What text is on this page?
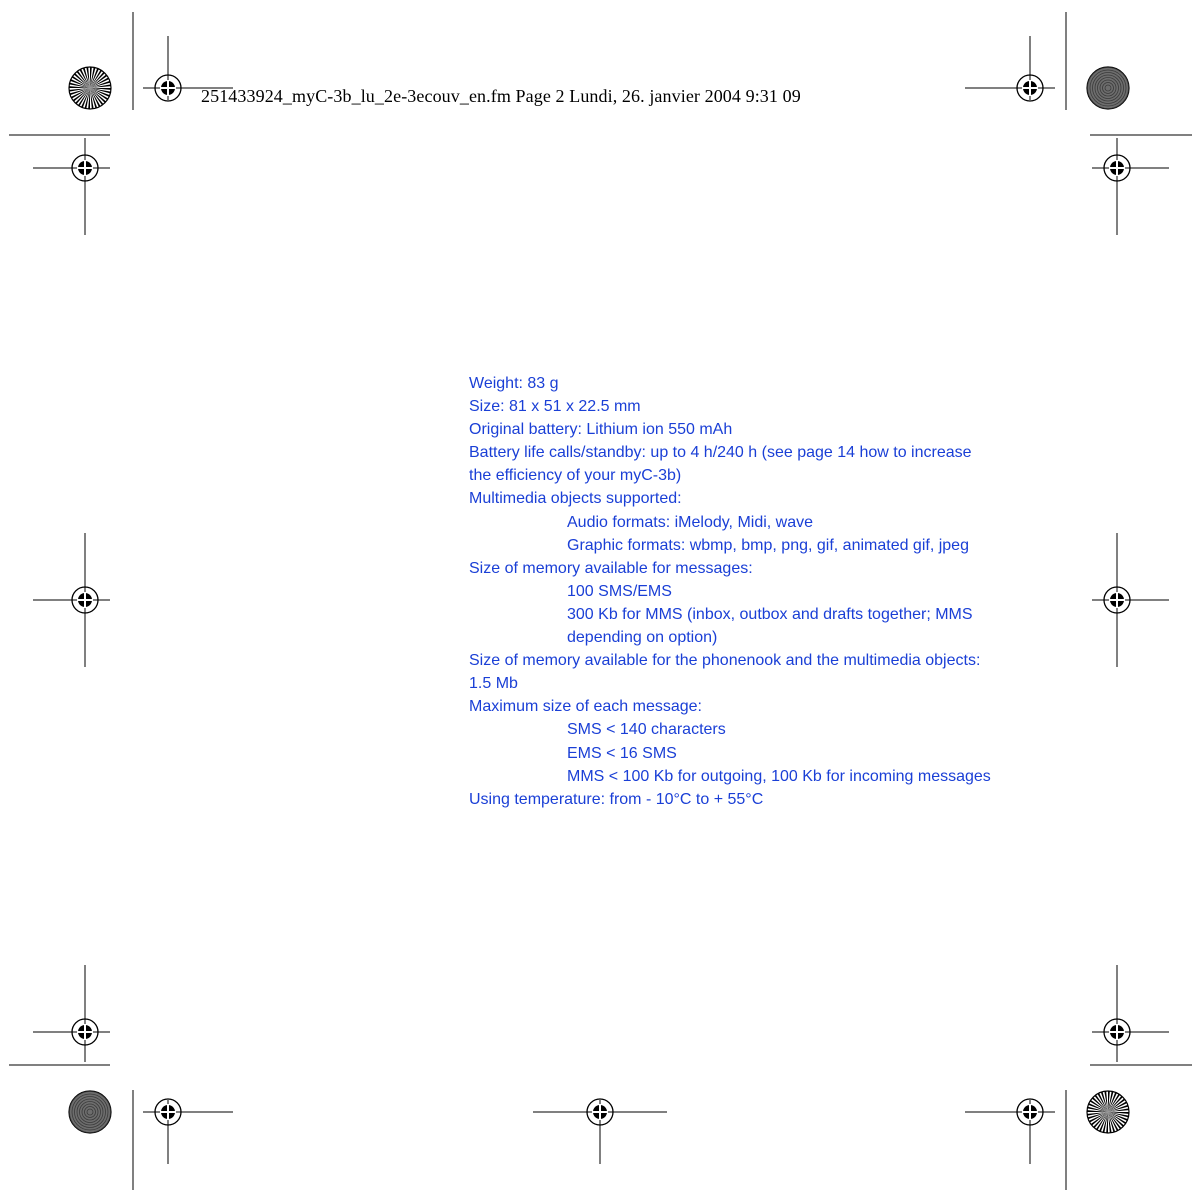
251433924_myC-3b_lu_2e-3ecouv_en.fm Page 2 Lundi, 26. janvier 2004 9:31 09
Weight: 83 g
Size: 81 x 51 x 22.5 mm
Original battery: Lithium ion 550 mAh
Battery life calls/standby: up to 4 h/240 h (see page 14 how to increase
the efficiency of your myC-3b)
Multimedia objects supported:
Audio formats: iMelody, Midi, wave
Graphic formats: wbmp, bmp, png, gif, animated gif, jpeg
Size of memory available for messages:
100 SMS/EMS
300 Kb for MMS (inbox, outbox and drafts together; MMS
depending on option)
Size of memory available for the phonenook and the multimedia objects:
1.5 Mb
Maximum size of each message:
SMS < 140 characters
EMS < 16 SMS
MMS < 100 Kb for outgoing, 100 Kb for incoming messages
Using temperature: from - 10°C to + 55°C
